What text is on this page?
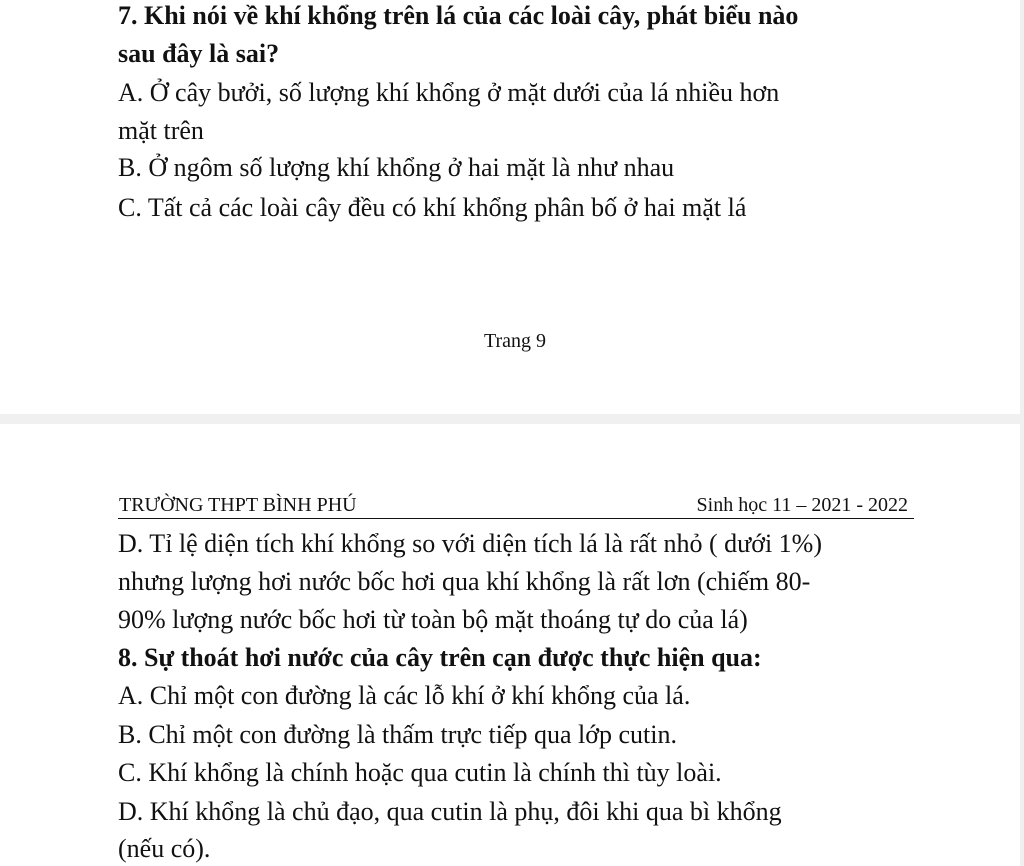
7. Khi nói về khí khổng trên lá của các loài cây, phát biểu nào
sau đây là sai?
A. Ở cây bưởi, số lượng khí khổng ở mặt dưới của lá nhiều hơn
mặt trên
B. Ở ngôm số lượng khí khổng ở hai mặt là như nhau
C. Tất cả các loài cây đều có khí khổng phân bố ở hai mặt lá
Trang 9
TRƯỜNG THPT BÌNH PHÚ	Sinh học 11 – 2021 - 2022
D. Tỉ lệ diện tích khí khổng so với diện tích lá là rất nhỏ ( dưới 1%)
nhưng lượng hơi nước bốc hơi qua khí khổng là rất lơn (chiếm 80-
90% lượng nước bốc hơi từ toàn bộ mặt thoáng tự do của lá)
8. Sự thoát hơi nước của cây trên cạn được thực hiện qua:
A. Chỉ một con đường là các lỗ khí ở khí khổng của lá.
B. Chỉ một con đường là thấm trực tiếp qua lớp cutin.
C. Khí khổng là chính hoặc qua cutin là chính thì tùy loài.
D. Khí khổng là chủ đạo, qua cutin là phụ, đôi khi qua bì khổng
(nếu có).
